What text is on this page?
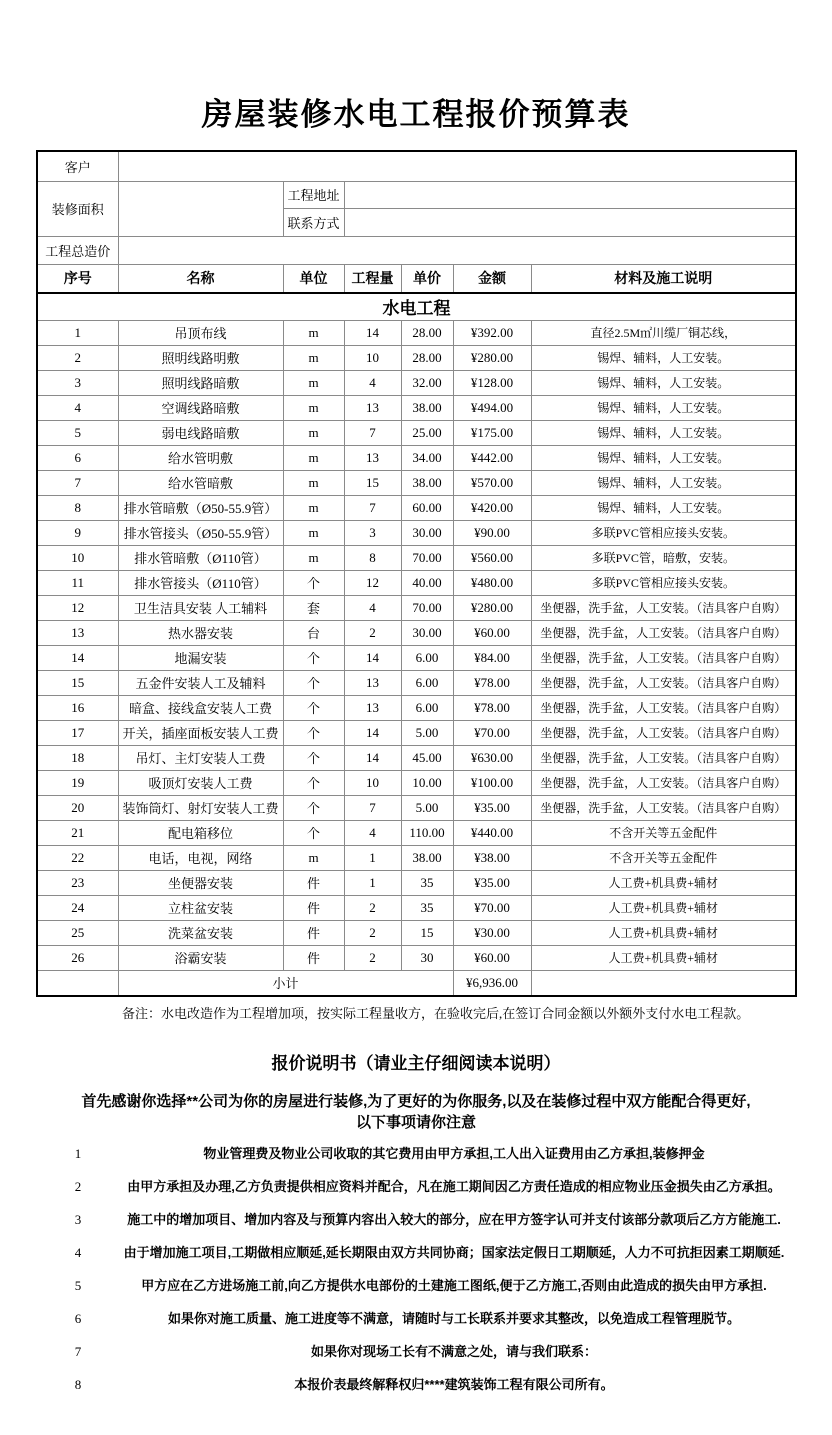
房屋装修水电工程报价预算表
客户						
装修面积		工程地址				
		联系方式				
工程总造价						
序号	名称	单位	工程量	单价	金额	材料及施工说明
水电工程						
1	吊顶布线	m	14	28.00	¥392.00	直径2.5M㎡川缆厂铜芯线，
2	照明线路明敷	m	10	28.00	¥280.00	锡焊、辅料，人工安装。
3	照明线路暗敷	m	4	32.00	¥128.00	锡焊、辅料，人工安装。
4	空调线路暗敷	m	13	38.00	¥494.00	锡焊、辅料，人工安装。
5	弱电线路暗敷	m	7	25.00	¥175.00	锡焊、辅料，人工安装。
6	给水管明敷	m	13	34.00	¥442.00	锡焊、辅料，人工安装。
7	给水管暗敷	m	15	38.00	¥570.00	锡焊、辅料，人工安装。
8	排水管暗敷（Ø50-55.9管）	m	7	60.00	¥420.00	锡焊、辅料，人工安装。
9	排水管接头（Ø50-55.9管）	m	3	30.00	¥90.00	多联PVC管相应接头安装。
10	排水管暗敷（Ø110管）	m	8	70.00	¥560.00	多联PVC管，暗敷，安装。
11	排水管接头（Ø110管）	个	12	40.00	¥480.00	多联PVC管相应接头安装。
12	卫生洁具安装 人工辅料	套	4	70.00	¥280.00	坐便器，洗手盆，人工安装。（洁具客户自购）
13	热水器安装	台	2	30.00	¥60.00	坐便器，洗手盆，人工安装。（洁具客户自购）
14	地漏安装	个	14	6.00	¥84.00	坐便器，洗手盆，人工安装。（洁具客户自购）
15	五金件安装人工及辅料	个	13	6.00	¥78.00	坐便器，洗手盆，人工安装。（洁具客户自购）
16	暗盒、接线盒安装人工费	个	13	6.00	¥78.00	坐便器，洗手盆，人工安装。（洁具客户自购）
17	开关，插座面板安装人工费	个	14	5.00	¥70.00	坐便器，洗手盆，人工安装。（洁具客户自购）
18	吊灯、主灯安装人工费	个	14	45.00	¥630.00	坐便器，洗手盆，人工安装。（洁具客户自购）
19	吸顶灯安装人工费	个	10	10.00	¥100.00	坐便器，洗手盆，人工安装。（洁具客户自购）
20	装饰筒灯、射灯安装人工费	个	7	5.00	¥35.00	坐便器，洗手盆，人工安装。（洁具客户自购）
21	配电箱移位	个	4	110.00	¥440.00	不含开关等五金配件
22	电话，电视，网络	m	1	38.00	¥38.00	不含开关等五金配件
23	坐便器安装	件	1	35	¥35.00	人工费+机具费+辅材
24	立柱盆安装	件	2	35	¥70.00	人工费+机具费+辅材
25	洗菜盆安装	件	2	15	¥30.00	人工费+机具费+辅材
26	浴霸安装	件	2	30	¥60.00	人工费+机具费+辅材
	小计				¥6,936.00	

备注：水电改造作为工程增加项，按实际工程量收方，在验收完后,在签订合同金额以外额外支付水电工程款。

报价说明书（请业主仔细阅读本说明）

首先感谢你选择**公司为你的房屋进行装修,为了更好的为你服务,以及在装修过程中双方能配合得更好,
以下事项请你注意

1	物业管理费及物业公司收取的其它费用由甲方承担,工人出入证费用由乙方承担,装修押金
2	由甲方承担及办理,乙方负责提供相应资料并配合，凡在施工期间因乙方责任造成的相应物业压金损失由乙方承担。
3	施工中的增加项目、增加内容及与预算内容出入较大的部分，应在甲方签字认可并支付该部分款项后乙方方能施工.
4	由于增加施工项目,工期做相应顺延,延长期限由双方共同协商；国家法定假日工期顺延，人力不可抗拒因素工期顺延.
5	甲方应在乙方进场施工前,向乙方提供水电部份的土建施工图纸,便于乙方施工,否则由此造成的损失由甲方承担.
6	如果你对施工质量、施工进度等不满意，请随时与工长联系并要求其整改，以免造成工程管理脱节。
7	如果你对现场工长有不满意之处，请与我们联系：
8	本报价表最终解释权归****建筑装饰工程有限公司所有。
